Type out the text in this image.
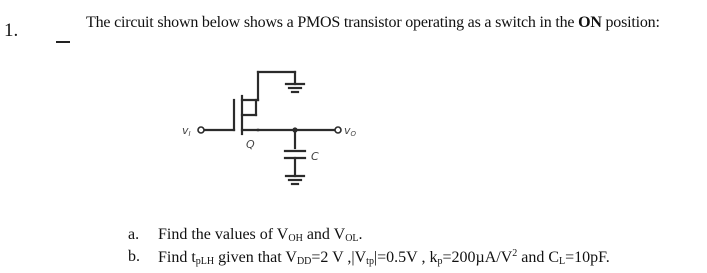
1.	The circuit shown below shows a PMOS transistor operating as a switch in the ON position:
vI	vO
Q
C
a. Find the values of $V_{OH}$ and $V_{OL}$.
b. Find $t_{pLH}$ given that $V_{DD}=2$ V $,|V_{tp}|=0.5V$ , $k_p=200\mu A/V^2$ and $C_L=10pF$.
